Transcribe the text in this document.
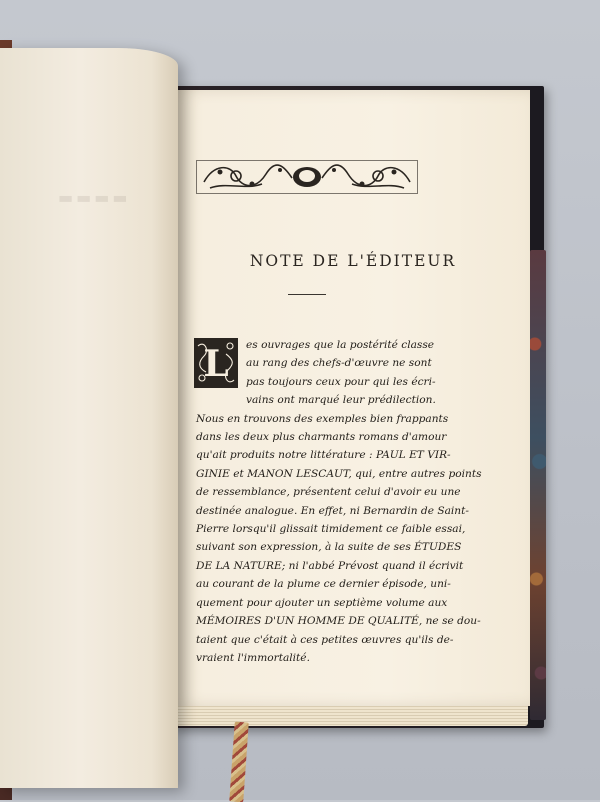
NOTE DE L'ÉDITEUR
L	es ouvrages que la postérité classe
au rang des chefs-d'œuvre ne sont
pas toujours ceux pour qui les écri-
vains ont marqué leur prédilection.
Nous en trouvons des exemples bien frappants
dans les deux plus charmants romans d'amour
qu'ait produits notre littérature : PAUL ET VIR-
GINIE et MANON LESCAUT, qui, entre autres points
de ressemblance, présentent celui d'avoir eu une
destinée analogue. En effet, ni Bernardin de Saint-
Pierre lorsqu'il glissait timidement ce faible essai,
suivant son expression, à la suite de ses ÉTUDES
DE LA NATURE; ni l'abbé Prévost quand il écrivit
au courant de la plume ce dernier épisode, uni-
quement pour ajouter un septième volume aux
MÉMOIRES D'UN HOMME DE QUALITÉ, ne se dou-
taient que c'était à ces petites œuvres qu'ils de-
vraient l'immortalité.
▬▬▬▬
